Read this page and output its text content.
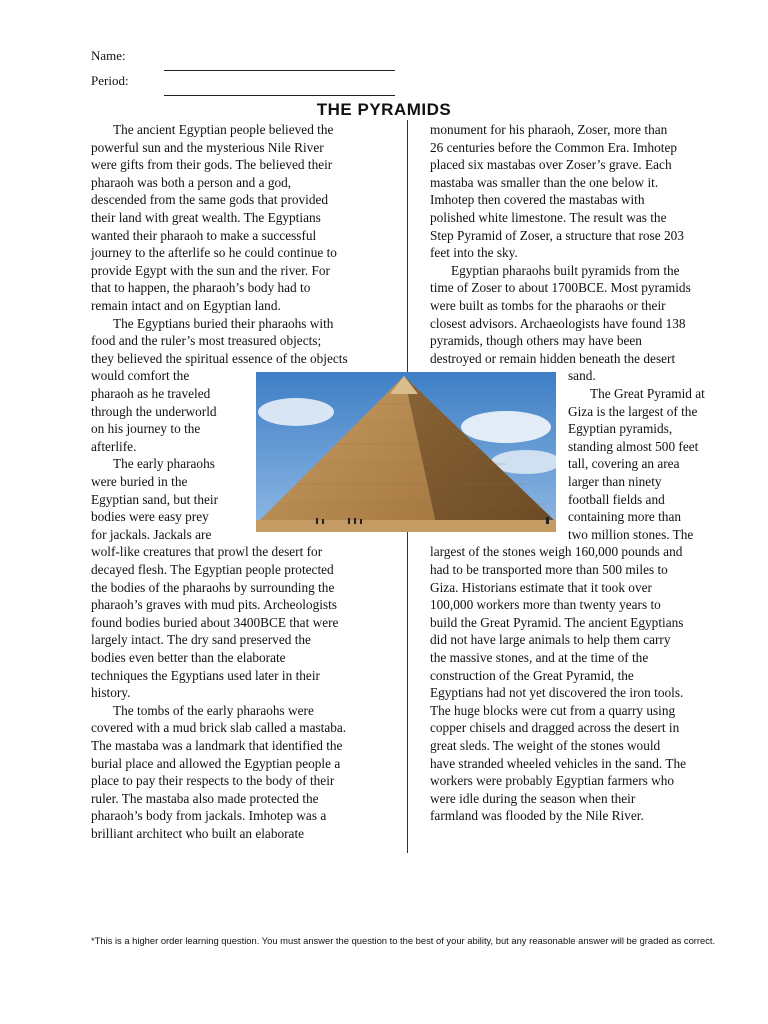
Name:
Period:
THE PYRAMIDS
The ancient Egyptian people believed the
powerful sun and the mysterious Nile River
were gifts from their gods. The believed their
pharaoh was both a person and a god,
descended from the same gods that provided
their land with great wealth. The Egyptians
wanted their pharaoh to make a successful
journey to the afterlife so he could continue to
provide Egypt with the sun and the river. For
that to happen, the pharaoh’s body had to
remain intact and on Egyptian land.
The Egyptians buried their pharaohs with
food and the ruler’s most treasured objects;
they believed the spiritual essence of the objects
would comfort the
pharaoh as he traveled
through the underworld
on his journey to the
afterlife.
The early pharaohs
were buried in the
Egyptian sand, but their
bodies were easy prey
for jackals. Jackals are
wolf-like creatures that prowl the desert for
decayed flesh. The Egyptian people protected
the bodies of the pharaohs by surrounding the
pharaoh’s graves with mud pits. Archeologists
found bodies buried about 3400BCE that were
largely intact. The dry sand preserved the
bodies even better than the elaborate
techniques the Egyptians used later in their
history.
The tombs of the early pharaohs were
covered with a mud brick slab called a mastaba.
The mastaba was a landmark that identified the
burial place and allowed the Egyptian people a
place to pay their respects to the body of their
ruler. The mastaba also made protected the
pharaoh’s body from jackals. Imhotep was a
brilliant architect who built an elaborate
monument for his pharaoh, Zoser, more than
26 centuries before the Common Era. Imhotep
placed six mastabas over Zoser’s grave. Each
mastaba was smaller than the one below it.
Imhotep then covered the mastabas with
polished white limestone. The result was the
Step Pyramid of Zoser, a structure that rose 203
feet into the sky.
Egyptian pharaohs built pyramids from the
time of Zoser to about 1700BCE. Most pyramids
were built as tombs for the pharaohs or their
closest advisors. Archaeologists have found 138
pyramids, though others may have been
destroyed or remain hidden beneath the desert
sand.
The Great Pyramid at
Giza is the largest of the
Egyptian pyramids,
standing almost 500 feet
tall, covering an area
larger than ninety
football fields and
containing more than
two million stones. The
largest of the stones weigh 160,000 pounds and
had to be transported more than 500 miles to
Giza. Historians estimate that it took over
100,000 workers more than twenty years to
build the Great Pyramid. The ancient Egyptians
did not have large animals to help them carry
the massive stones, and at the time of the
construction of the Great Pyramid, the
Egyptians had not yet discovered the iron tools.
The huge blocks were cut from a quarry using
copper chisels and dragged across the desert in
great sleds. The weight of the stones would
have stranded wheeled vehicles in the sand. The
workers were probably Egyptian farmers who
were idle during the season when their
farmland was flooded by the Nile River.
*This is a higher order learning question. You must answer the question to the best of your ability, but any reasonable answer will be graded as correct.
